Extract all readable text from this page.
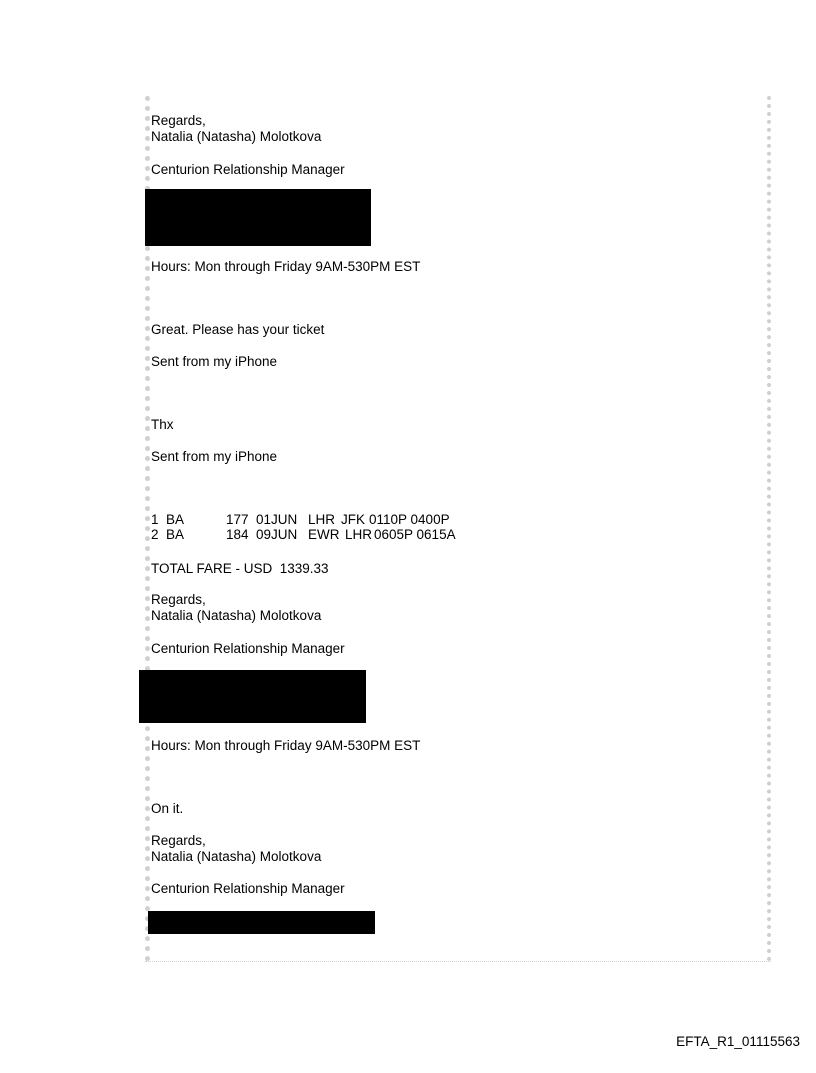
Regards,
Natalia (Natasha) Molotkova
Centurion Relationship Manager
Hours: Mon through Friday 9AM-530PM EST
Great. Please has your ticket
Sent from my iPhone
Thx
Sent from my iPhone

1  BA

	177

01JUN

LHR

JFK

0110P 0400P

2  BA

	184

09JUN

EWR

LHR

0605P 0615A

TOTAL FARE - USD  1339.33
Regards,
Natalia (Natasha) Molotkova
Centurion Relationship Manager
Hours: Mon through Friday 9AM-530PM EST
On it.
Regards,
Natalia (Natasha) Molotkova
Centurion Relationship Manager
EFTA_R1_01115563
